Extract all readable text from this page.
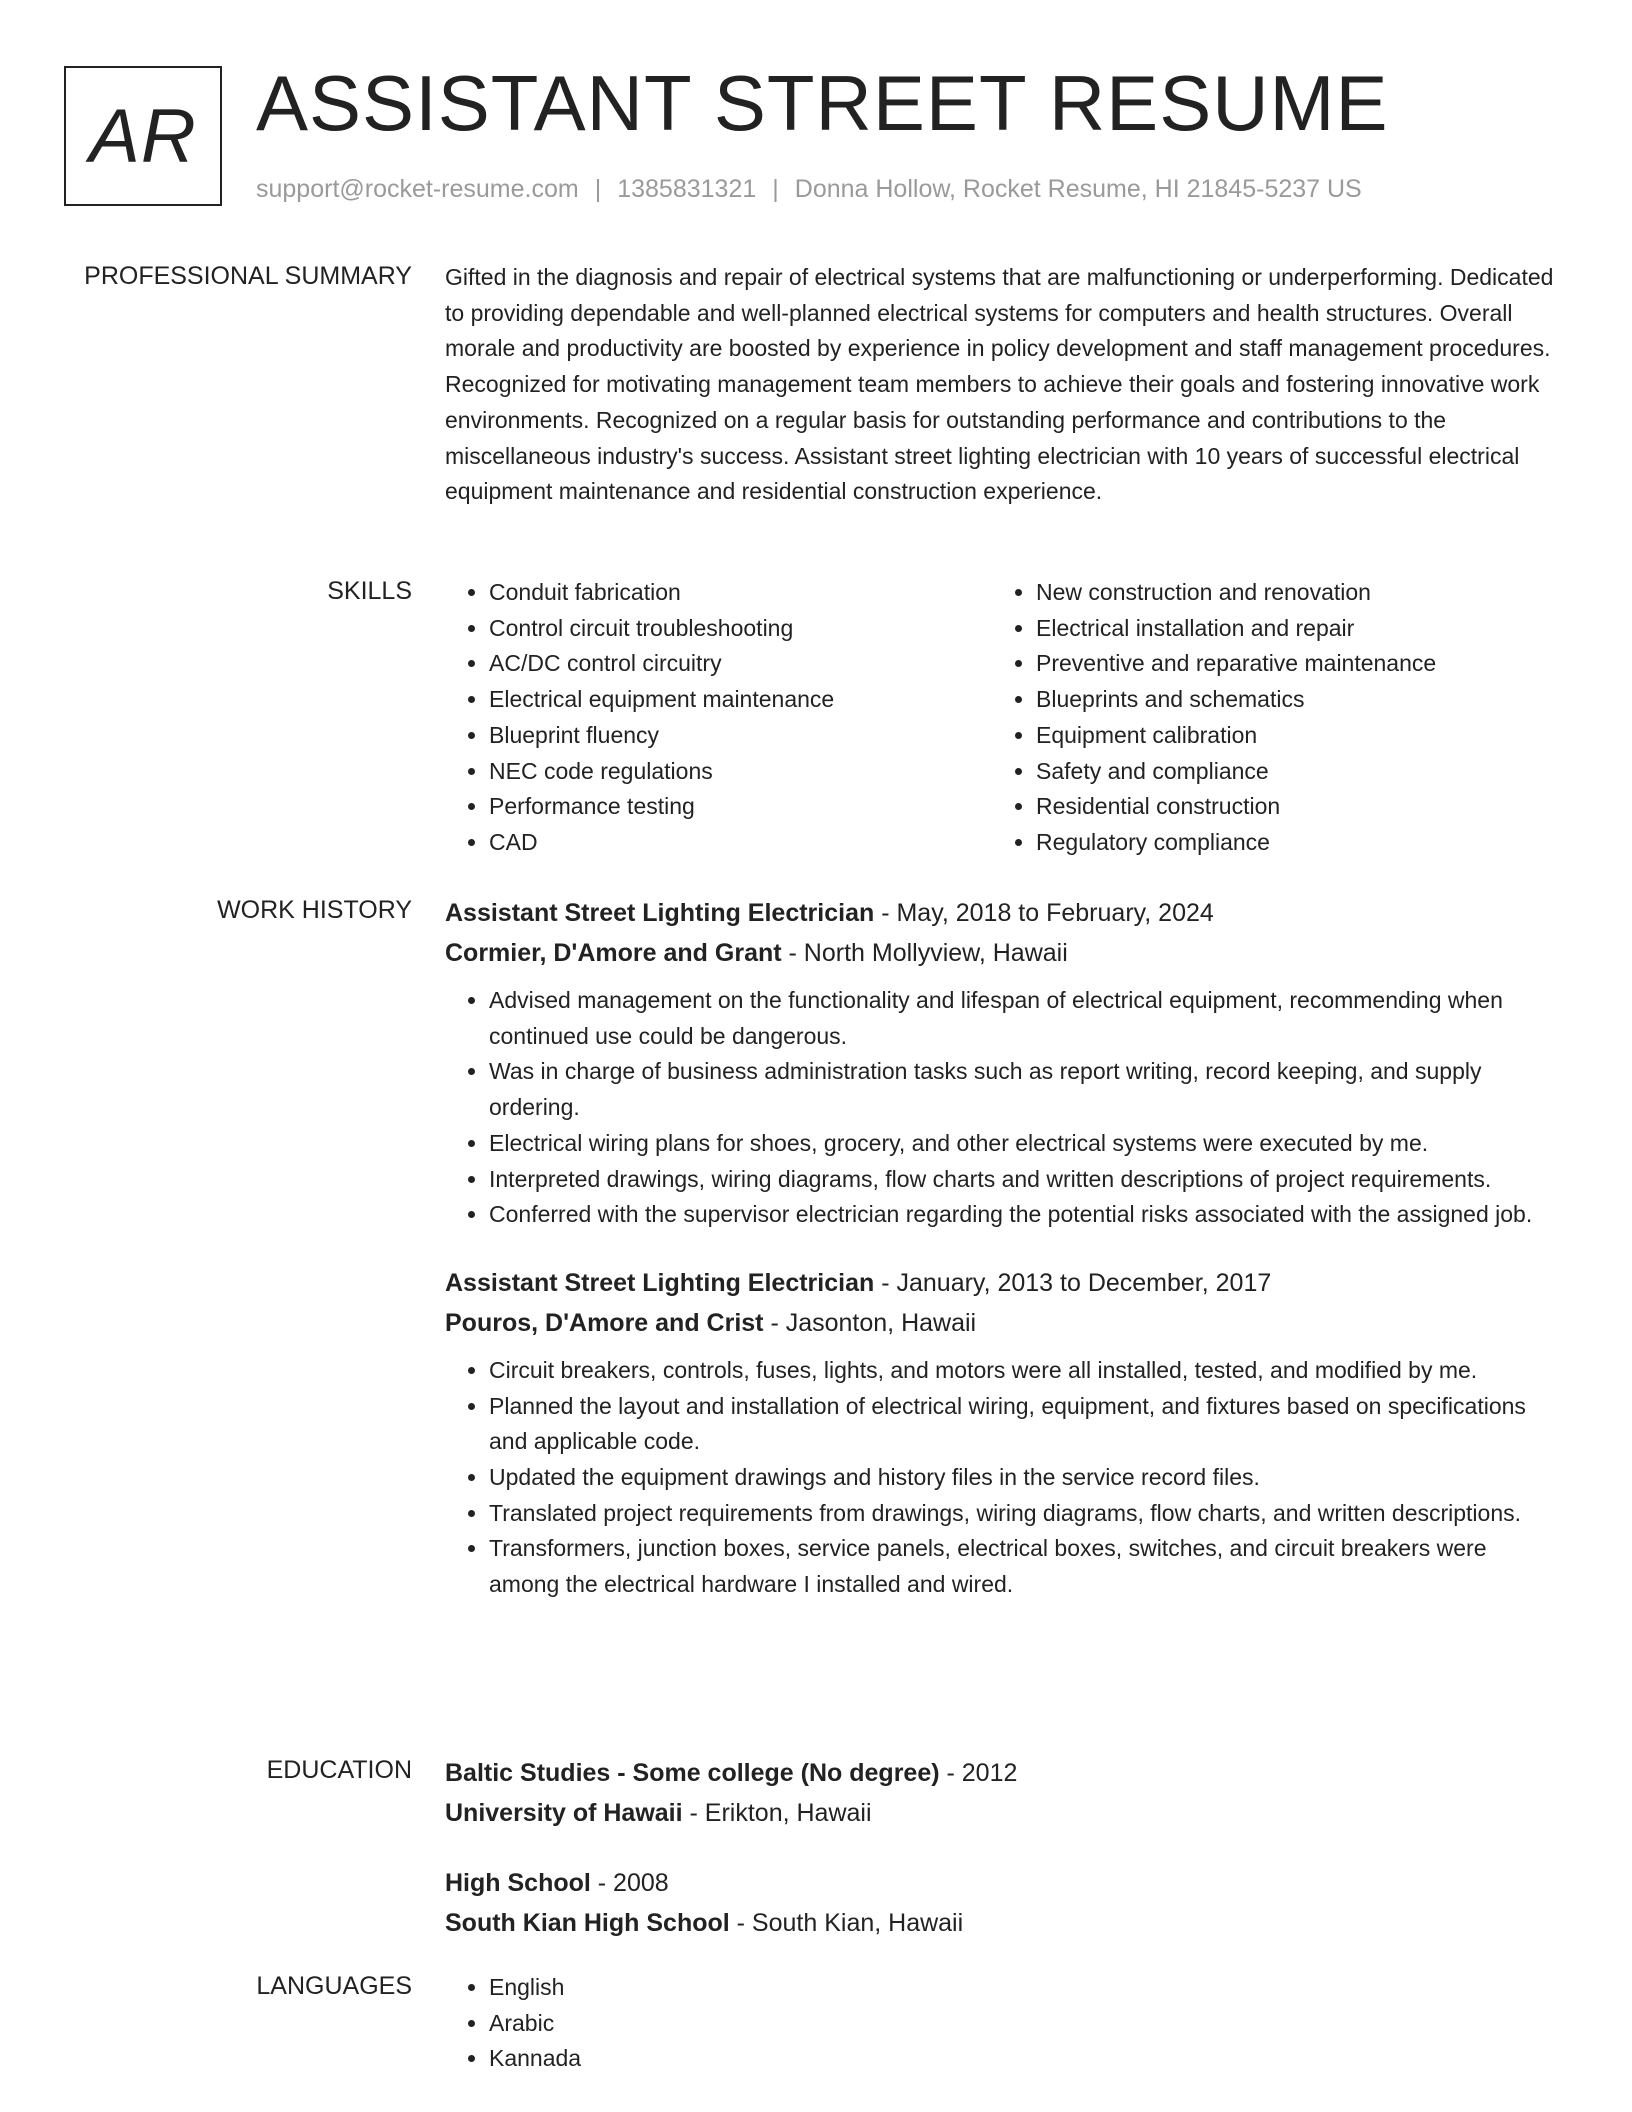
AR ASSISTANT STREET RESUME
support@rocket-resume.com | 1385831321 | Donna Hollow, Rocket Resume, HI 21845-5237 US
PROFESSIONAL SUMMARY Gifted in the diagnosis and repair of electrical systems that are malfunctioning or underperforming. Dedicated to providing dependable and well-planned electrical systems for computers and health structures. Overall morale and productivity are boosted by experience in policy development and staff management procedures. Recognized for motivating management team members to achieve their goals and fostering innovative work environments. Recognized on a regular basis for outstanding performance and contributions to the miscellaneous industry's success. Assistant street lighting electrician with 10 years of successful electrical equipment maintenance and residential construction experience.

SKILLS	• Conduit fabrication
• Control circuit troubleshooting
• AC/DC control circuitry
• Electrical equipment maintenance
• Blueprint fluency
• NEC code regulations
• Performance testing
• CAD
• New construction and renovation
• Electrical installation and repair
• Preventive and reparative maintenance
• Blueprints and schematics
• Equipment calibration
• Safety and compliance
• Residential construction
• Regulatory compliance
WORK HISTORY Assistant Street Lighting Electrician - May, 2018 to February, 2024
Cormier, D'Amore and Grant - North Mollyview, Hawaii
• Advised management on the functionality and lifespan of electrical equipment, recommending when continued use could be dangerous.
• Was in charge of business administration tasks such as report writing, record keeping, and supply ordering.
• Electrical wiring plans for shoes, grocery, and other electrical systems were executed by me.
• Interpreted drawings, wiring diagrams, flow charts and written descriptions of project requirements.
• Conferred with the supervisor electrician regarding the potential risks associated with the assigned job.
Assistant Street Lighting Electrician - January, 2013 to December, 2017
Pouros, D'Amore and Crist - Jasonton, Hawaii
• Circuit breakers, controls, fuses, lights, and motors were all installed, tested, and modified by me.
• Planned the layout and installation of electrical wiring, equipment, and fixtures based on specifications and applicable code.
• Updated the equipment drawings and history files in the service record files.
• Translated project requirements from drawings, wiring diagrams, flow charts, and written descriptions.
• Transformers, junction boxes, service panels, electrical boxes, switches, and circuit breakers were among the electrical hardware I installed and wired.
EDUCATION Baltic Studies - Some college (No degree) - 2012
University of Hawaii - Erikton, Hawaii
High School - 2008
South Kian High School - South Kian, Hawaii
LANGUAGES	• English
• Arabic
• Kannada
